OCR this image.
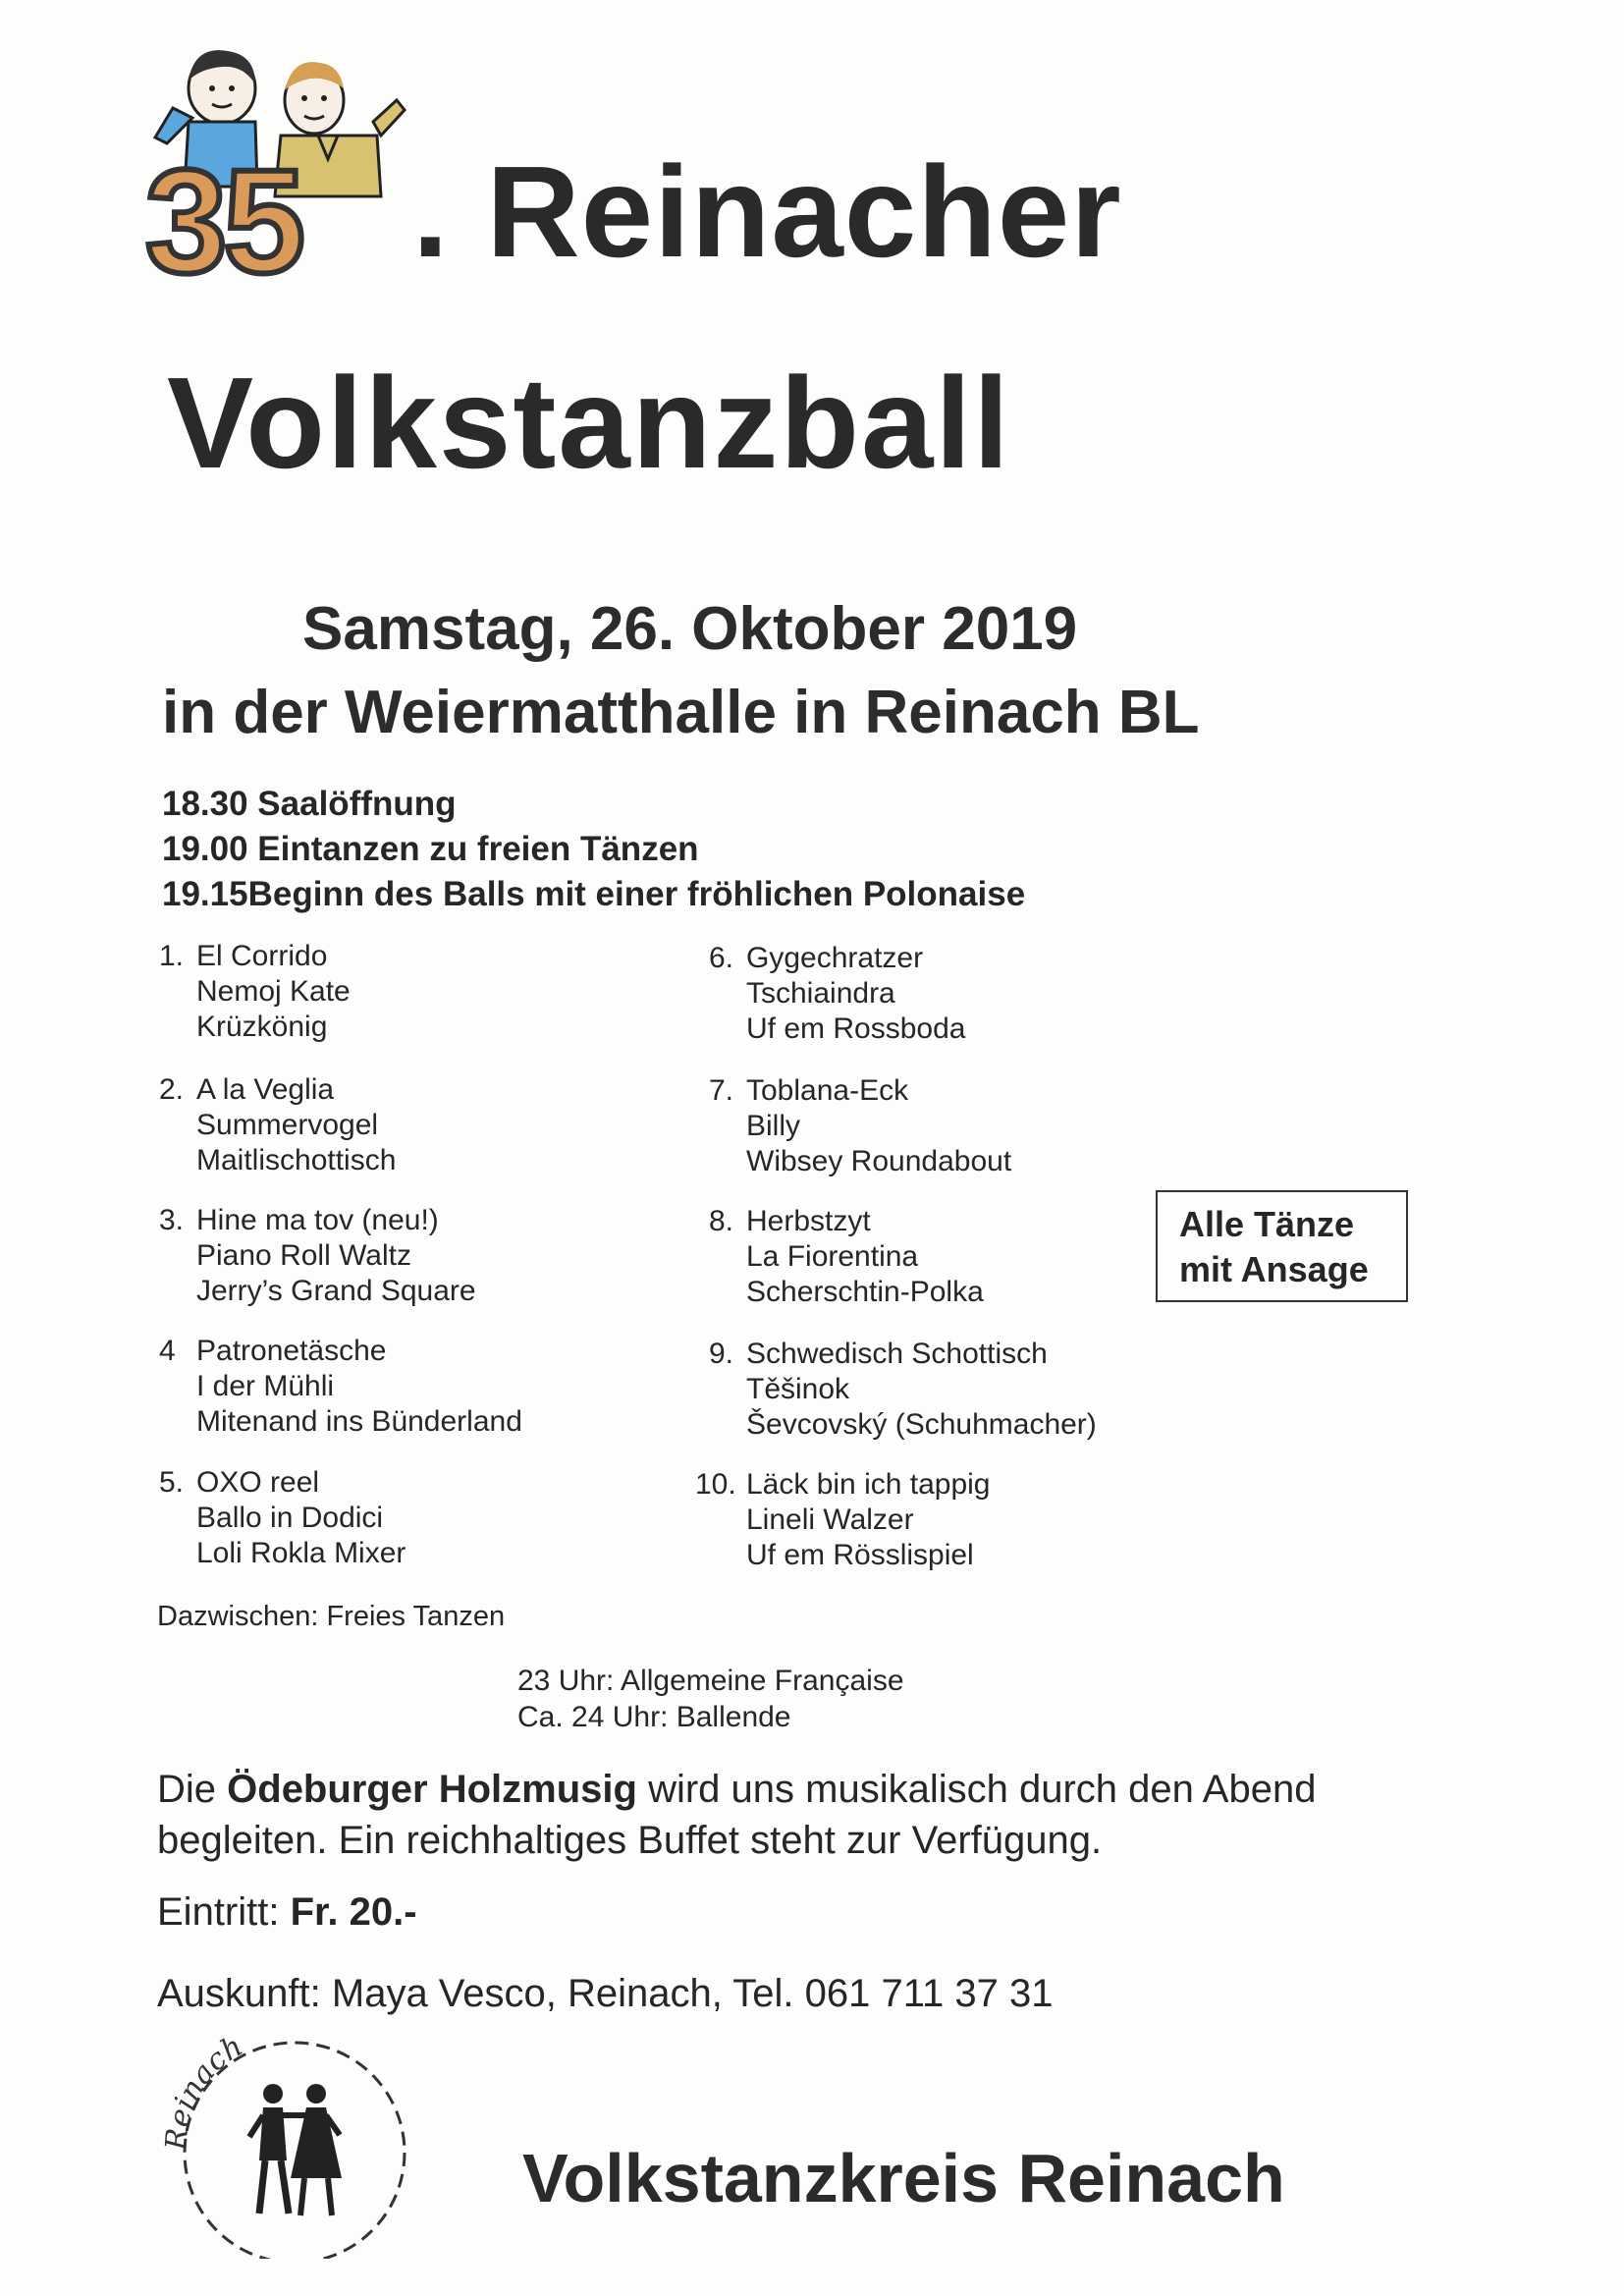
35 . Reinacher
Volkstanzball
Samstag, 26. Oktober 2019
in der Weiermatthalle in Reinach BL
18.30 Saalöffnung
19.00 Eintanzen zu freien Tänzen
19.15Beginn des Balls mit einer fröhlichen Polonaise
1. El Corrido
Nemoj Kate
Krüzkönig
2. A la Veglia
Summervogel
Maitlischottisch
3. Hine ma tov (neu!)
Piano Roll Waltz
Jerry’s Grand Square
4 Patronetäsche
I der Mühli
Mitenand ins Bünderland
5. OXO reel
Ballo in Dodici
Loli Rokla Mixer
6. Gygechratzer
Tschiaindra
Uf em Rossboda
7. Toblana-Eck
Billy
Wibsey Roundabout
8. Herbstzyt
La Fiorentina
Scherschtin-Polka
9. Schwedisch Schottisch
Těšinok
Ševcovský (Schuhmacher)
10. Läck bin ich tappig
Lineli Walzer
Uf em Rösslispiel
Alle Tänze
mit Ansage
Dazwischen: Freies Tanzen
23 Uhr: Allgemeine Française
Ca. 24 Uhr: Ballende
Die Ödeburger Holzmusig wird uns musikalisch durch den Abend
begleiten. Ein reichhaltiges Buffet steht zur Verfügung.
Eintritt: Fr. 20.-
Auskunft: Maya Vesco, Reinach, Tel. 061 711 37 31
Reinach
Volkstanzkreis Reinach
